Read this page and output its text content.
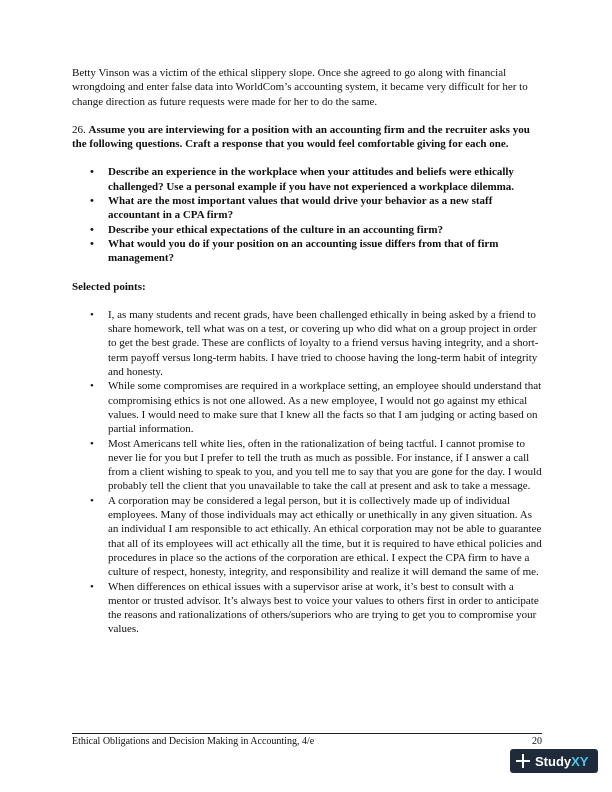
Betty Vinson was a victim of the ethical slippery slope. Once she agreed to go along with financial wrongdoing and enter false data into WorldCom’s accounting system, it became very difficult for her to change direction as future requests were made for her to do the same.

26. Assume you are interviewing for a position with an accounting firm and the recruiter asks you the following questions. Craft a response that you would feel comfortable giving for each one.

• Describe an experience in the workplace when your attitudes and beliefs were ethically challenged? Use a personal example if you have not experienced a workplace dilemma.
• What are the most important values that would drive your behavior as a new staff accountant in a CPA firm?
• Describe your ethical expectations of the culture in an accounting firm?
• What would you do if your position on an accounting issue differs from that of firm management?

Selected points:

• I, as many students and recent grads, have been challenged ethically in being asked by a friend to share homework, tell what was on a test, or covering up who did what on a group project in order to get the best grade. These are conflicts of loyalty to a friend versus having integrity, and a short-term payoff versus long-term habits. I have tried to choose having the long-term habit of integrity and honesty.
• While some compromises are required in a workplace setting, an employee should understand that compromising ethics is not one allowed. As a new employee, I would not go against my ethical values. I would need to make sure that I knew all the facts so that I am judging or acting based on partial information.
• Most Americans tell white lies, often in the rationalization of being tactful. I cannot promise to never lie for you but I prefer to tell the truth as much as possible. For instance, if I answer a call from a client wishing to speak to you, and you tell me to say that you are gone for the day. I would probably tell the client that you unavailable to take the call at present and ask to take a message.
• A corporation may be considered a legal person, but it is collectively made up of individual employees. Many of those individuals may act ethically or unethically in any given situation. As an individual I am responsible to act ethically. An ethical corporation may not be able to guarantee that all of its employees will act ethically all the time, but it is required to have ethical policies and procedures in place so the actions of the corporation are ethical. I expect the CPA firm to have a culture of respect, honesty, integrity, and responsibility and realize it will demand the same of me.
• When differences on ethical issues with a supervisor arise at work, it’s best to consult with a mentor or trusted advisor. It’s always best to voice your values to others first in order to anticipate the reasons and rationalizations of others/superiors who are trying to get you to compromise your values.
Ethical Obligations and Decision Making in Accounting, 4/e	20
StudyXY
